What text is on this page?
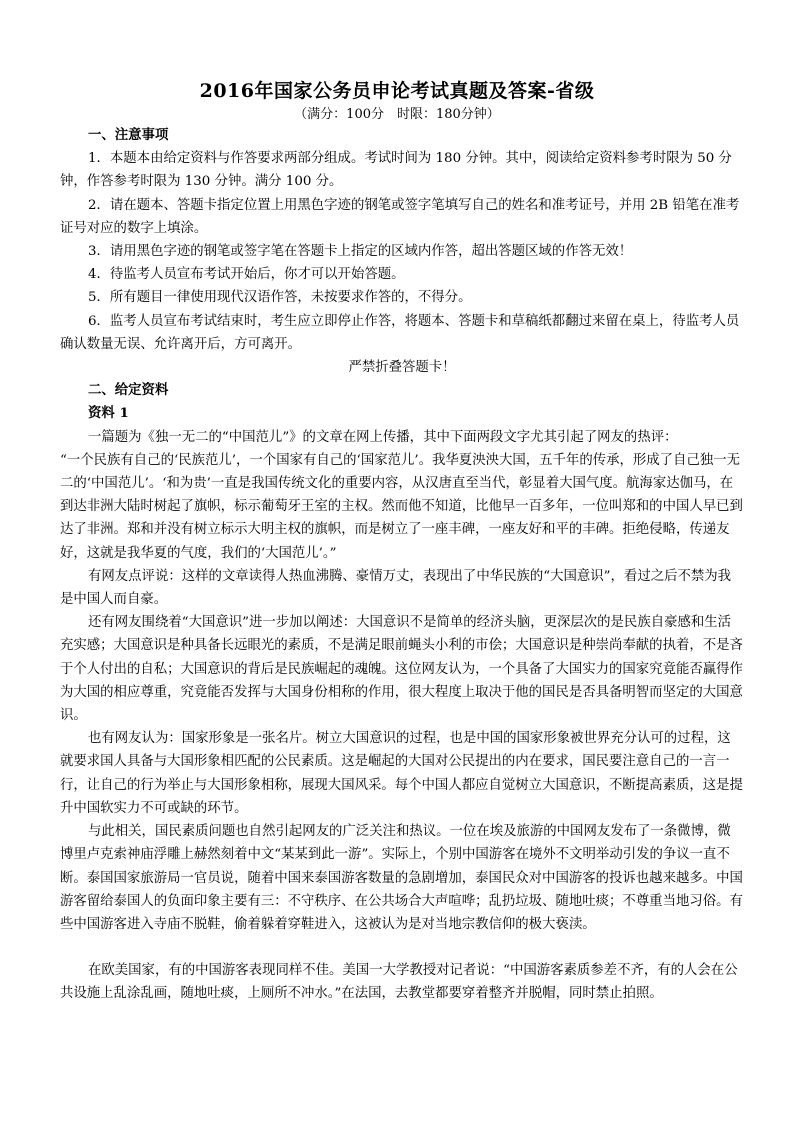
2016年国家公务员申论考试真题及答案-省级
（满分：100分　时限：180分钟）

一、注意事项

1．本题本由给定资料与作答要求两部分组成。考试时间为 180 分钟。其中，阅读给定资料参考时限为 50 分钟，作答参考时限为 130 分钟。满分 100 分。

2．请在题本、答题卡指定位置上用黑色字迹的钢笔或签字笔填写自己的姓名和准考证号，并用 2B 铅笔在准考证号对应的数字上填涂。

3．请用黑色字迹的钢笔或签字笔在答题卡上指定的区域内作答，超出答题区域的作答无效！

4．待监考人员宣布考试开始后，你才可以开始答题。

5．所有题目一律使用现代汉语作答，未按要求作答的，不得分。

6．监考人员宣布考试结束时，考生应立即停止作答，将题本、答题卡和草稿纸都翻过来留在桌上，待监考人员确认数量无误、允许离开后，方可离开。

严禁折叠答题卡！

二、给定资料

资料 1

一篇题为《独一无二的“中国范儿”》的文章在网上传播，其中下面两段文字尤其引起了网友的热评：

“一个民族有自己的‘民族范儿’，一个国家有自己的‘国家范儿’。我华夏泱泱大国，五千年的传承，形成了自己独一无二的‘中国范儿’。‘和为贵’一直是我国传统文化的重要内容，从汉唐直至当代，彰显着大国气度。航海家达伽马，在到达非洲大陆时树起了旗帜，标示葡萄牙王室的主权。然而他不知道，比他早一百多年，一位叫郑和的中国人早已到达了非洲。郑和并没有树立标示大明主权的旗帜，而是树立了一座丰碑，一座友好和平的丰碑。拒绝侵略，传递友好，这就是我华夏的气度，我们的‘大国范儿’。”

有网友点评说：这样的文章读得人热血沸腾、豪情万丈，表现出了中华民族的“大国意识”，看过之后不禁为我是中国人而自豪。

还有网友围绕着“大国意识”进一步加以阐述：大国意识不是简单的经济头脑，更深层次的是民族自豪感和生活充实感；大国意识是种具备长远眼光的素质，不是满足眼前蝇头小利的市侩；大国意识是种崇尚奉献的执着，不是吝于个人付出的自私；大国意识的背后是民族崛起的魂魄。这位网友认为，一个具备了大国实力的国家究竟能否赢得作为大国的相应尊重，究竟能否发挥与大国身份相称的作用，很大程度上取决于他的国民是否具备明智而坚定的大国意识。

也有网友认为：国家形象是一张名片。树立大国意识的过程，也是中国的国家形象被世界充分认可的过程，这就要求国人具备与大国形象相匹配的公民素质。这是崛起的大国对公民提出的内在要求，国民要注意自己的一言一行，让自己的行为举止与大国形象相称，展现大国风采。每个中国人都应自觉树立大国意识，不断提高素质，这是提升中国软实力不可或缺的环节。

与此相关，国民素质问题也自然引起网友的广泛关注和热议。一位在埃及旅游的中国网友发布了一条微博，微博里卢克索神庙浮雕上赫然刻着中文“某某到此一游”。实际上，个别中国游客在境外不文明举动引发的争议一直不断。泰国国家旅游局一官员说，随着中国来泰国游客数量的急剧增加，泰国民众对中国游客的投诉也越来越多。中国游客留给泰国人的负面印象主要有三：不守秩序、在公共场合大声喧哗；乱扔垃圾、随地吐痰；不尊重当地习俗。有些中国游客进入寺庙不脱鞋，偷着躲着穿鞋进入，这被认为是对当地宗教信仰的极大亵渎。

在欧美国家，有的中国游客表现同样不佳。美国一大学教授对记者说：“中国游客素质参差不齐，有的人会在公共设施上乱涂乱画，随地吐痰，上厕所不冲水。”在法国，去教堂都要穿着整齐并脱帽，同时禁止拍照。
